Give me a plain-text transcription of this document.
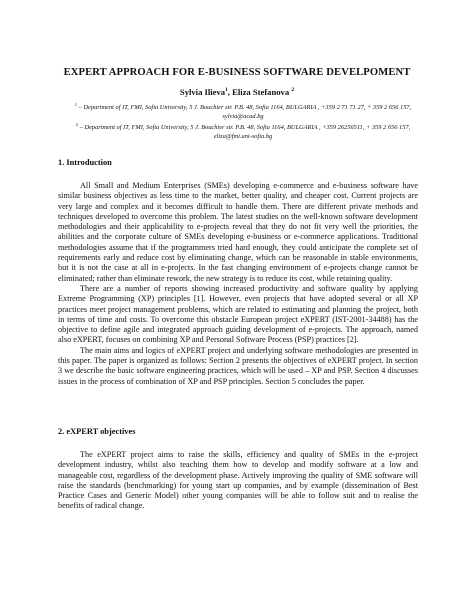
EXPERT APPROACH FOR E-BUSINESS SOFTWARE DEVELPOMENT
Sylvia Ilieva$^1$, Eliza Stefanova $^2$
$^1$ – Department of IT, FMI, Sofia University, 5 J. Bouchier str. P.B. 48, Sofia 1164, BULGARIA , +359 2 71 71 27, + 359 2 656 157, sylvia@acad.bg
$^2$ – Department of IT, FMI, Sofia University, 5 J. Bouchier str. P.B. 48, Sofia 1164, BULGARIA , +359 26256511, + 359 2 656 157, eliza@fmi.uni-sofia.bg
1. Introduction

All Small and Medium Enterprises (SMEs) developing e-commerce and e-business software have similar business objectives as less time to the market, better quality, and cheaper cost. Current projects are very large and complex and it becomes difficult to handle them. There are different private methods and techniques developed to overcome this problem. The latest studies on the well-known software development methodologies and their applicability to e-projects reveal that they do not fit very well the priorities, the abilities and the corporate culture of SMEs developing e-business or e-commerce applications. Traditional methodologies assume that if the programmers tried hard enough, they could anticipate the complete set of requirements early and reduce cost by eliminating change, which can be reasonable in stable environments, but it is not the case at all in e-projects. In the fast changing environment of e-projects change cannot be eliminated; rather than eliminate rework, the new strategy is to reduce its cost, while retaining quality.

There are a number of reports showing increased productivity and software quality by applying Extreme Programming (XP) principles [1]. However, even projects that have adopted several or all XP practices meet project management problems, which are related to estimating and planning the project, both in terms of time and costs. To overcome this obstacle European project eXPERT (IST-2001-34488) has the objective to define agile and integrated approach guiding development of e-projects. The approach, named also eXPERT, focuses on combining XP and Personal Software Process (PSP) practices [2].

The main aims and logics of eXPERT project and underlying software methodologies are presented in this paper. The paper is organized as follows: Section 2 presents the objectives of eXPERT project. In section 3 we describe the basic software engineering practices, which will be used – XP and PSP. Section 4 discusses issues in the process of combination of XP and PSP principles. Section 5 concludes the paper.

2. eXPERT objectives

The eXPERT project aims to raise the skills, efficiency and quality of SMEs in the e-project development industry, whilst also teaching them how to develop and modify software at a low and manageable cost, regardless of the development phase. Actively improving the quality of SME software will raise the standards (benchmarking) for young start up companies, and by example (dissemination of Best Practice Cases and Generic Model) other young companies will be able to follow suit and to realise the benefits of radical change.
